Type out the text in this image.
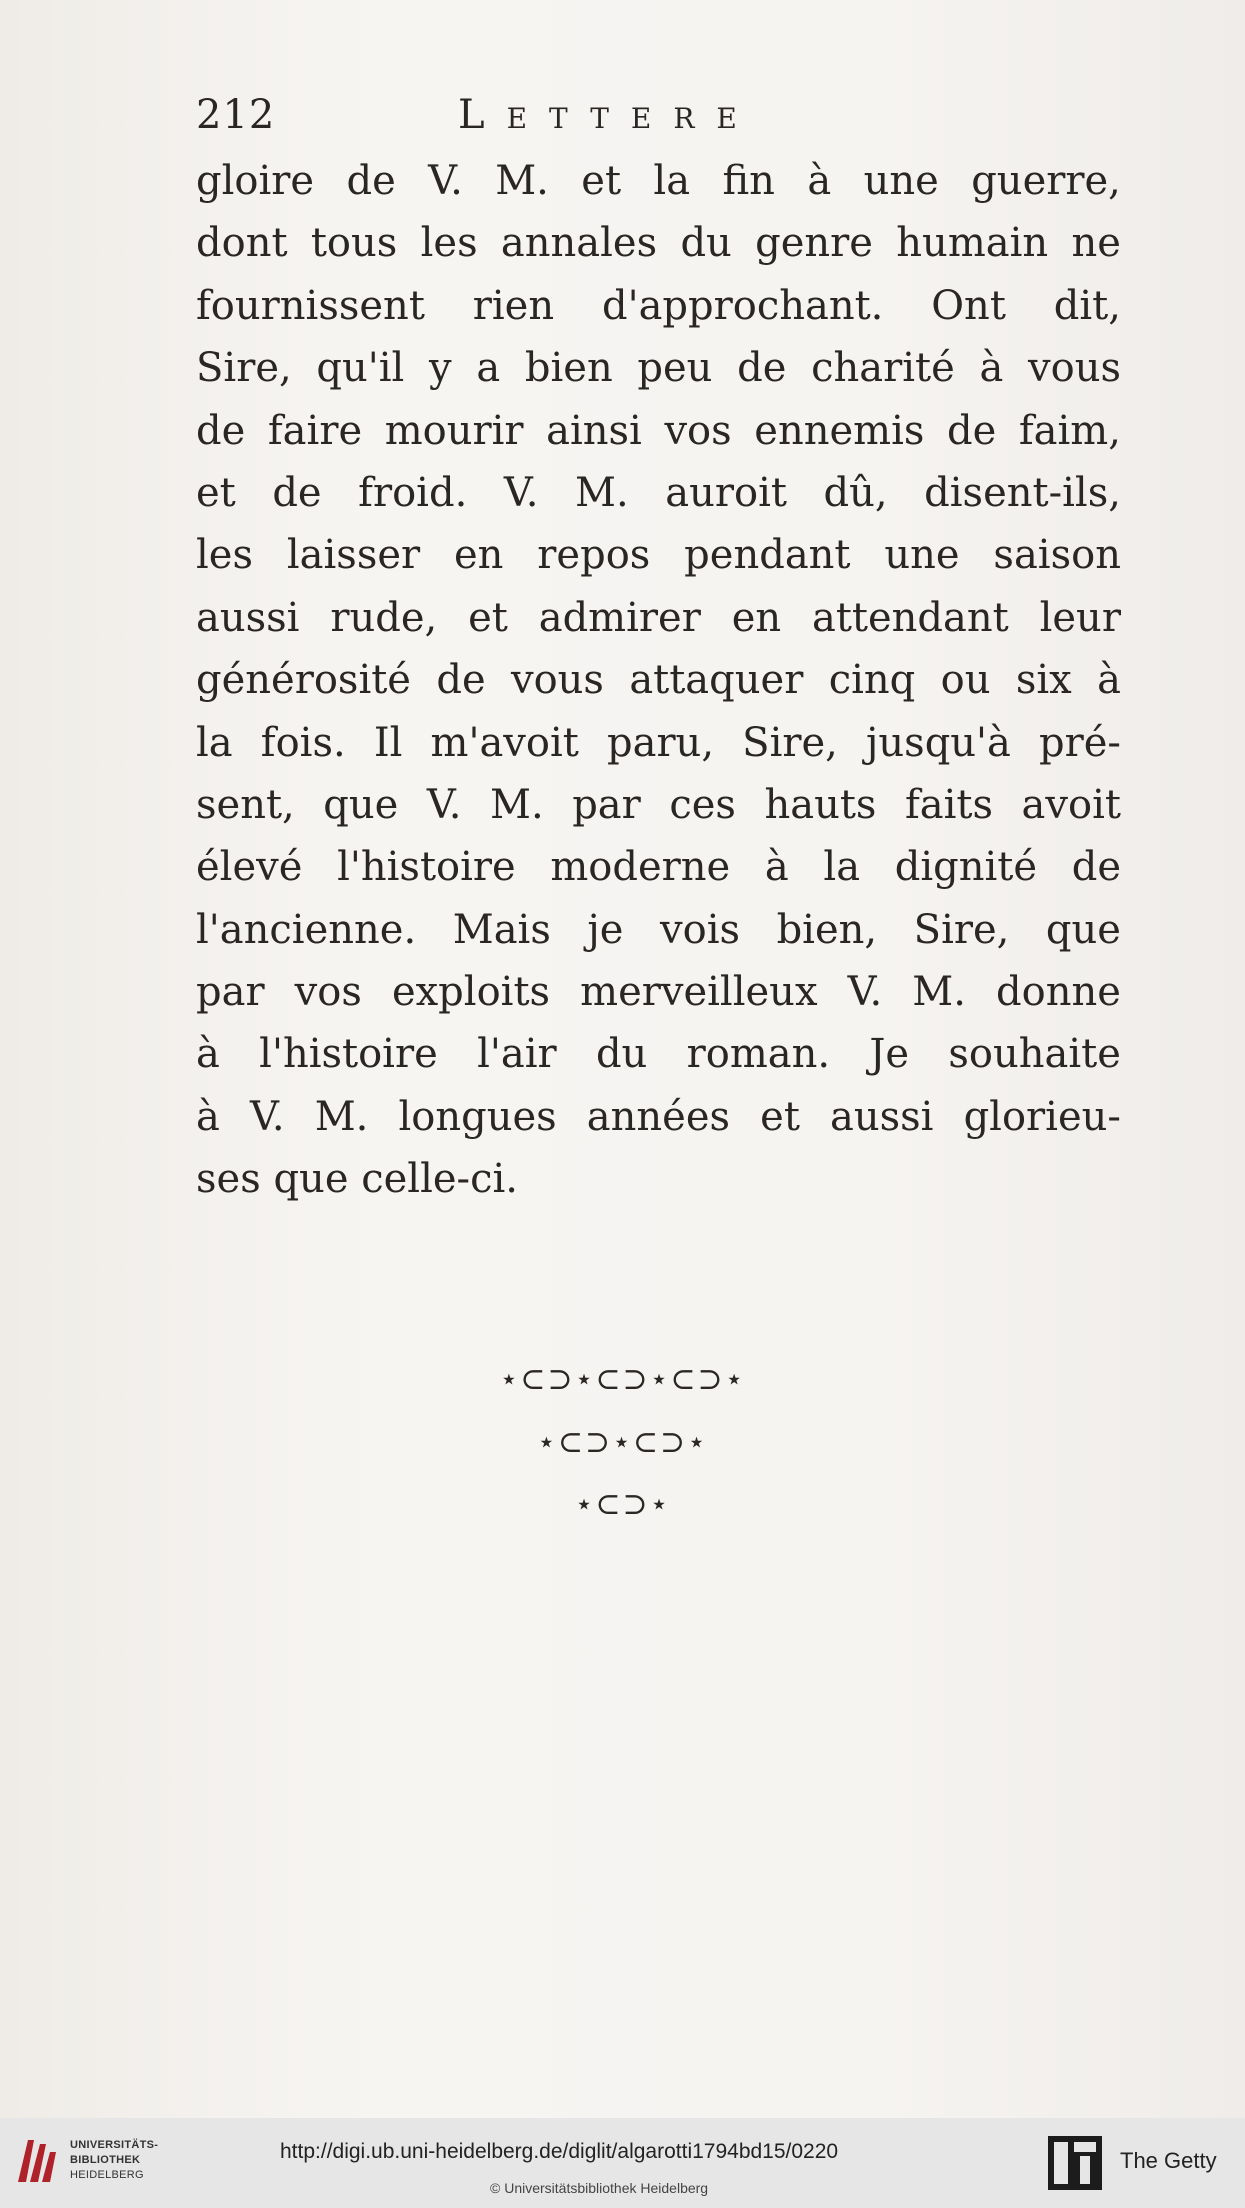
212	Lettere
gloire de V. M. et la fin à une guerre,
dont tous les annales du genre humain ne
fournissent rien d'approchant. Ont dit,
Sire, qu'il y a bien peu de charité à vous
de faire mourir ainsi vos ennemis de faim,
et de froid. V. M. auroit dû, disent-ils,
les laisser en repos pendant une saison
aussi rude, et admirer en attendant leur
générosité de vous attaquer cinq ou six à
la fois. Il m'avoit paru, Sire, jusqu'à pré-
sent, que V. M. par ces hauts faits avoit
élevé l'histoire moderne à la dignité de
l'ancienne. Mais je vois bien, Sire, que
par vos exploits merveilleux V. M. donne
à l'histoire l'air du roman. Je souhaite
à V. M. longues années et aussi glorieu-
ses
que
celle-ci.
⋆⊂⊃⋆⊂⊃⋆⊂⊃⋆
⋆⊂⊃⋆⊂⊃⋆
⋆⊂⊃⋆
UNIVERSITÄTS-
BIBLIOTHEK
HEIDELBERG
http://digi.ub.uni-heidelberg.de/diglit/algarotti1794bd15/0220
© Universitätsbibliothek Heidelberg
The Getty
